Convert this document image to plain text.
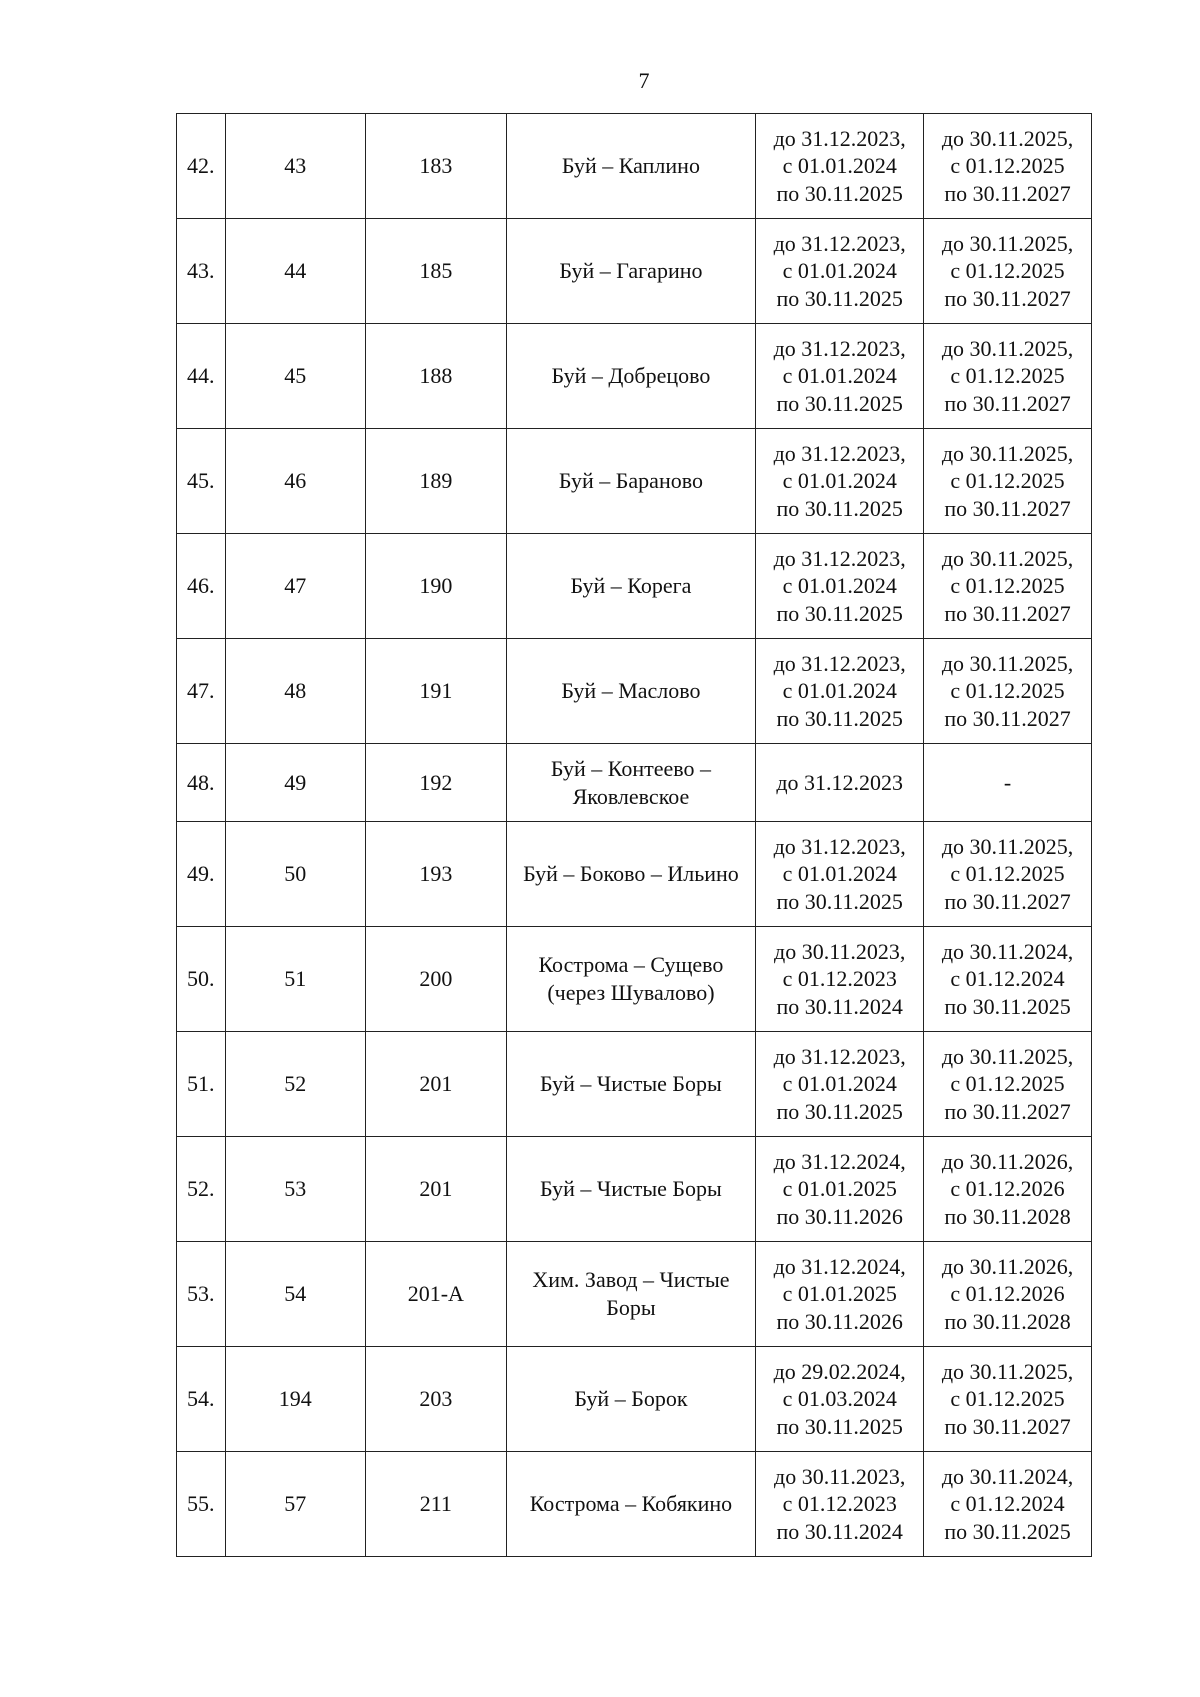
7
42.	43	183	Буй – Каплино	до 31.12.2023,
с 01.01.2024
по 30.11.2025	до 30.11.2025,
с 01.12.2025
по 30.11.2027

43.	44	185	Буй – Гагарино	до 31.12.2023,
с 01.01.2024
по 30.11.2025	до 30.11.2025,
с 01.12.2025
по 30.11.2027

44.	45	188	Буй – Добрецово	до 31.12.2023,
с 01.01.2024
по 30.11.2025	до 30.11.2025,
с 01.12.2025
по 30.11.2027

45.	46	189	Буй – Бараново	до 31.12.2023,
с 01.01.2024
по 30.11.2025	до 30.11.2025,
с 01.12.2025
по 30.11.2027

46.	47	190	Буй – Корега	до 31.12.2023,
с 01.01.2024
по 30.11.2025	до 30.11.2025,
с 01.12.2025
по 30.11.2027

47.	48	191	Буй – Маслово	до 31.12.2023,
с 01.01.2024
по 30.11.2025	до 30.11.2025,
с 01.12.2025
по 30.11.2027

48.	49	192	Буй – Контеево – Яковлевское	до 31.12.2023	-

49.	50	193	Буй – Боково – Ильино	до 31.12.2023,
с 01.01.2024
по 30.11.2025	до 30.11.2025,
с 01.12.2025
по 30.11.2027

50.	51	200	Кострома – Сущево (через Шувалово)	до 30.11.2023,
с 01.12.2023
по 30.11.2024	до 30.11.2024,
с 01.12.2024
по 30.11.2025

51.	52	201	Буй – Чистые Боры	до 31.12.2023,
с 01.01.2024
по 30.11.2025	до 30.11.2025,
с 01.12.2025
по 30.11.2027

52.	53	201	Буй – Чистые Боры	до 31.12.2024,
с 01.01.2025
по 30.11.2026	до 30.11.2026,
с 01.12.2026
по 30.11.2028

53.	54	201-А	Хим. Завод – Чистые Боры	до 31.12.2024,
с 01.01.2025
по 30.11.2026	до 30.11.2026,
с 01.12.2026
по 30.11.2028

54.	194	203	Буй – Борок	до 29.02.2024,
с 01.03.2024
по 30.11.2025	до 30.11.2025,
с 01.12.2025
по 30.11.2027

55.	57	211	Кострома – Кобякино	до 30.11.2023,
с 01.12.2023
по 30.11.2024	до 30.11.2024,
с 01.12.2024
по 30.11.2025
